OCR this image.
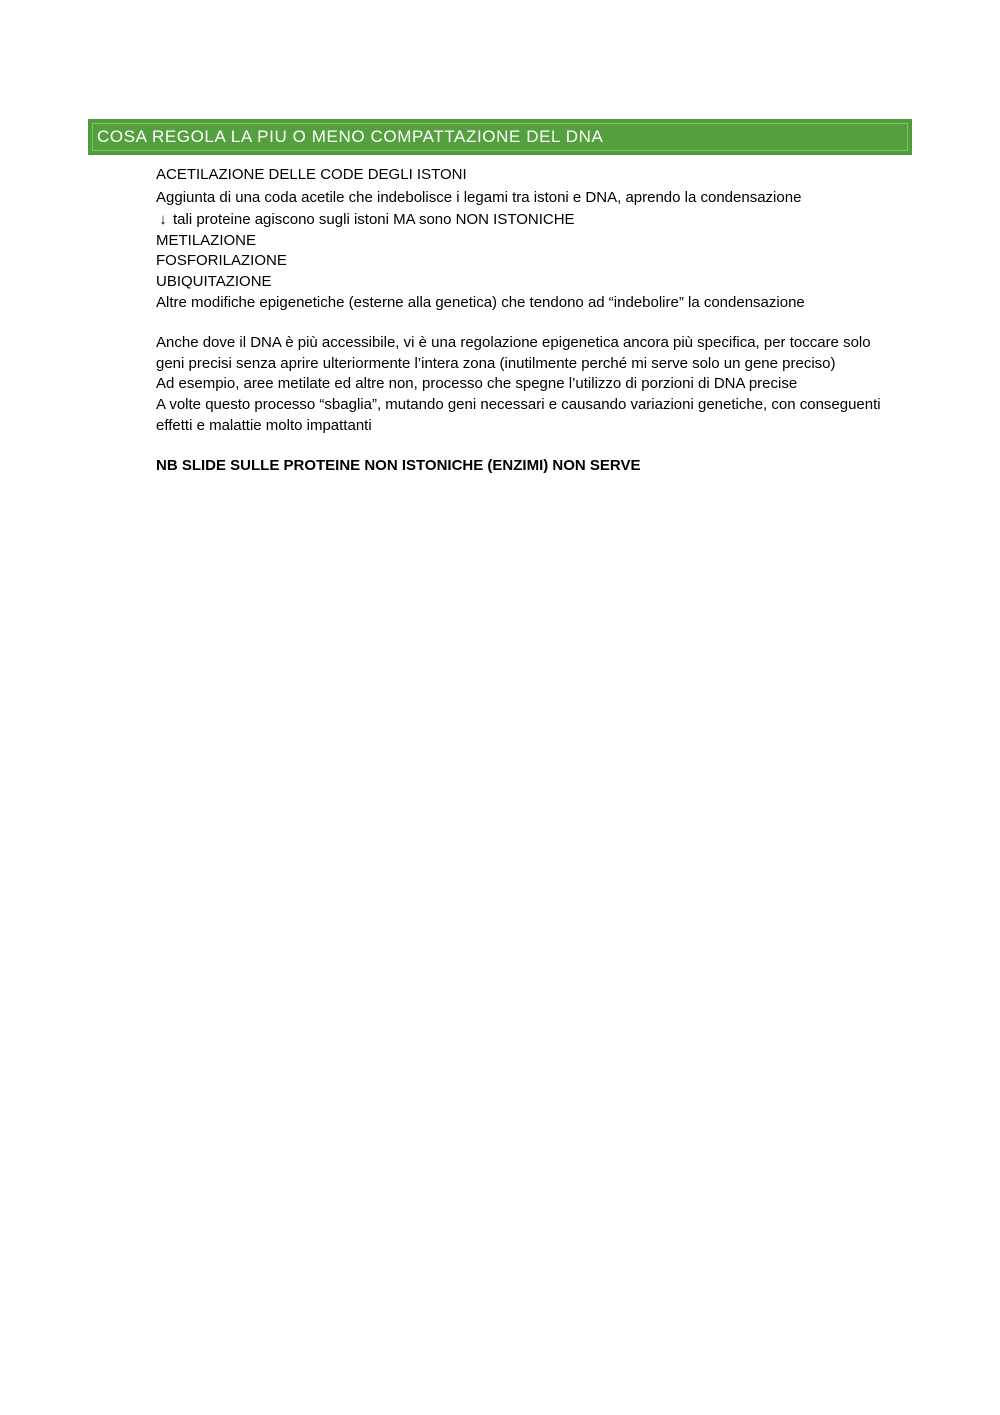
COSA REGOLA LA PIU O MENO COMPATTAZIONE DEL DNA
ACETILAZIONE DELLE CODE DEGLI ISTONI
Aggiunta di una coda acetile che indebolisce i legami tra istoni e DNA, aprendo la condensazione
↓ tali proteine agiscono sugli istoni MA sono NON ISTONICHE
METILAZIONE
FOSFORILAZIONE
UBIQUITAZIONE
Altre modifiche epigenetiche (esterne alla genetica) che tendono ad “indebolire” la condensazione
Anche dove il DNA è più accessibile, vi è una regolazione epigenetica ancora più specifica, per toccare solo geni precisi senza aprire ulteriormente l’intera zona (inutilmente perché mi serve solo un gene preciso)
Ad esempio, aree metilate ed altre non, processo che spegne l’utilizzo di porzioni di DNA precise
A volte questo processo “sbaglia”, mutando geni necessari e causando variazioni genetiche, con conseguenti effetti e malattie molto impattanti
NB SLIDE SULLE PROTEINE NON ISTONICHE (ENZIMI) NON SERVE
